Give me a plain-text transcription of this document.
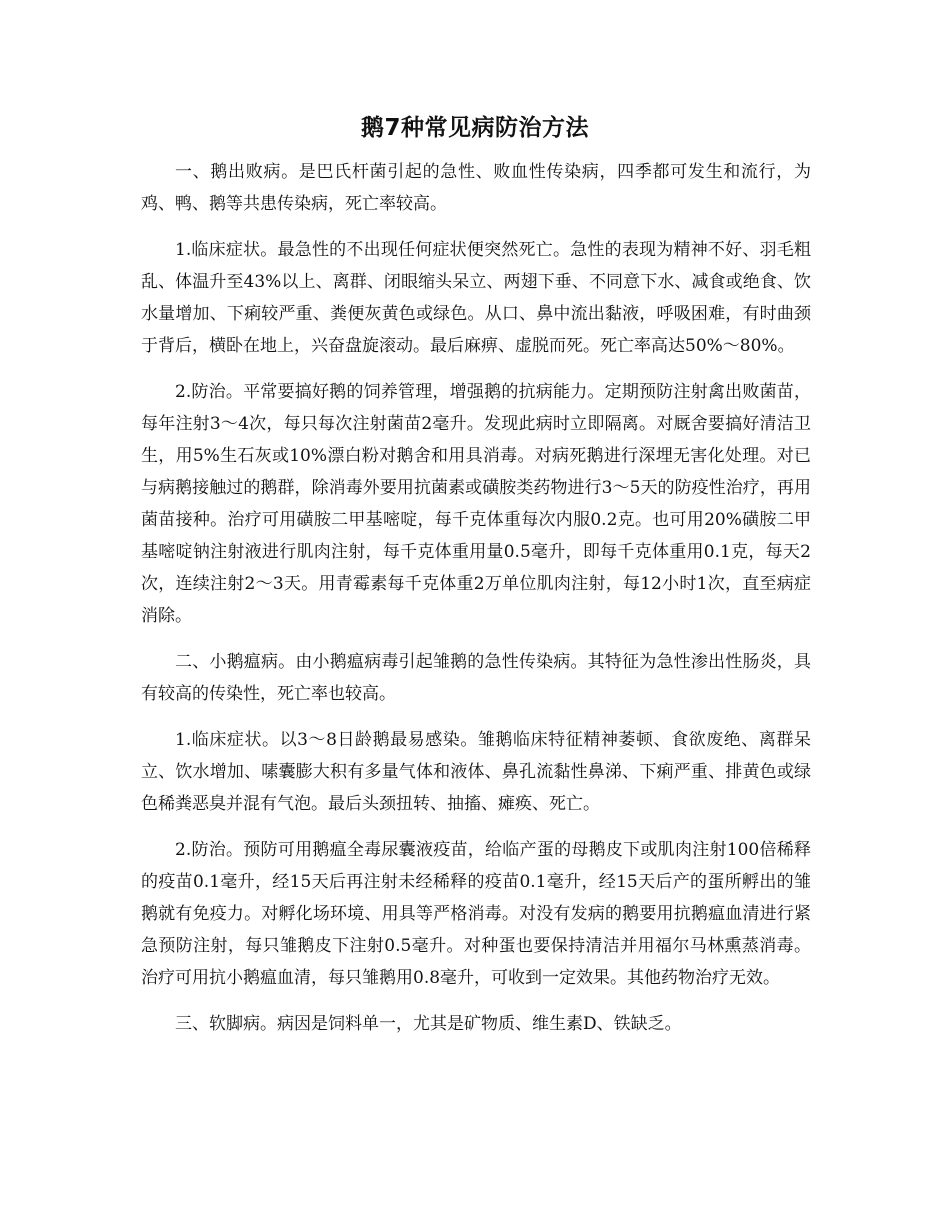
鹅7种常见病防治方法

一、鹅出败病。是巴氏杆菌引起的急性、败血性传染病，四季都可发生和流行，为鸡、鸭、鹅等共患传染病，死亡率较高。

1.临床症状。最急性的不出现任何症状便突然死亡。急性的表现为精神不好、羽毛粗乱、体温升至43%以上、离群、闭眼缩头呆立、两翅下垂、不同意下水、减食或绝食、饮水量增加、下痢较严重、粪便灰黄色或绿色。从口、鼻中流出黏液，呼吸困难，有时曲颈于背后，横卧在地上，兴奋盘旋滚动。最后麻痹、虚脱而死。死亡率高达50%～80%。

2.防治。平常要搞好鹅的饲养管理，增强鹅的抗病能力。定期预防注射禽出败菌苗，每年注射3～4次，每只每次注射菌苗2毫升。发现此病时立即隔离。对厩舍要搞好清洁卫生，用5%生石灰或10%漂白粉对鹅舍和用具消毒。对病死鹅进行深埋无害化处理。对已与病鹅接触过的鹅群，除消毒外要用抗菌素或磺胺类药物进行3～5天的防疫性治疗，再用菌苗接种。治疗可用磺胺二甲基嘧啶，每千克体重每次内服0.2克。也可用20%磺胺二甲基嘧啶钠注射液进行肌肉注射，每千克体重用量0.5毫升，即每千克体重用0.1克，每天2次，连续注射2～3天。用青霉素每千克体重2万单位肌肉注射，每12小时1次，直至病症消除。

二、小鹅瘟病。由小鹅瘟病毒引起雏鹅的急性传染病。其特征为急性渗出性肠炎，具有较高的传染性，死亡率也较高。

1.临床症状。以3～8日龄鹅最易感染。雏鹅临床特征精神萎顿、食欲废绝、离群呆立、饮水增加、嗉囊膨大积有多量气体和液体、鼻孔流黏性鼻涕、下痢严重、排黄色或绿色稀粪恶臭并混有气泡。最后头颈扭转、抽搐、瘫痪、死亡。

2.防治。预防可用鹅瘟全毒尿囊液疫苗，给临产蛋的母鹅皮下或肌肉注射100倍稀释的疫苗0.1毫升，经15天后再注射未经稀释的疫苗0.1毫升，经15天后产的蛋所孵出的雏鹅就有免疫力。对孵化场环境、用具等严格消毒。对没有发病的鹅要用抗鹅瘟血清进行紧急预防注射，每只雏鹅皮下注射0.5毫升。对种蛋也要保持清洁并用福尔马林熏蒸消毒。治疗可用抗小鹅瘟血清，每只雏鹅用0.8毫升，可收到一定效果。其他药物治疗无效。

三、软脚病。病因是饲料单一，尤其是矿物质、维生素D、铁缺乏。
